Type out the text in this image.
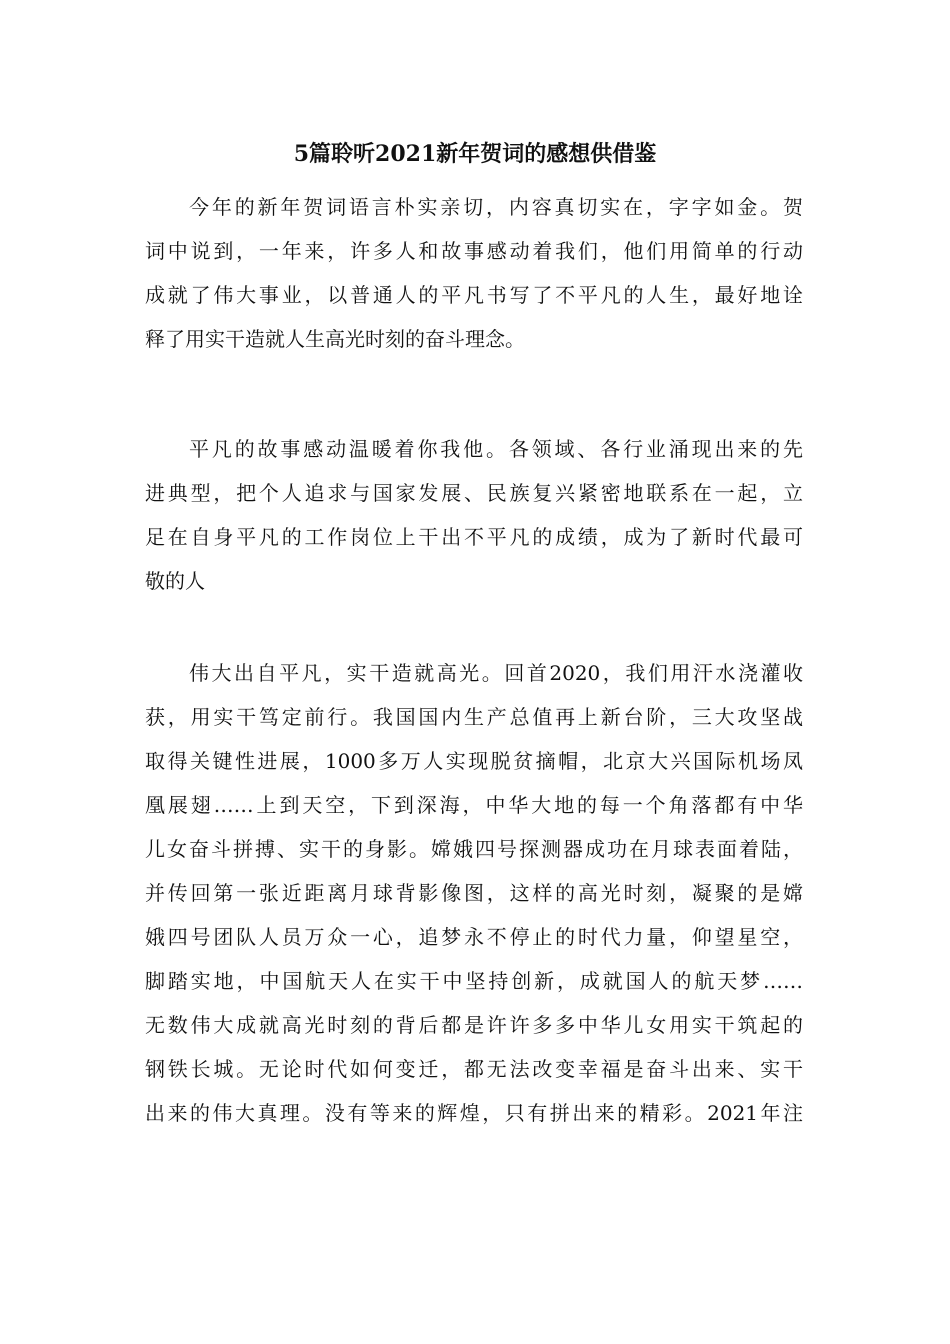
5篇聆听2021新年贺词的感想供借鉴
今年的新年贺词语言朴实亲切，内容真切实在，字字如金。贺
词中说到，一年来，许多人和故事感动着我们，他们用简单的行动
成就了伟大事业，以普通人的平凡书写了不平凡的人生，最好地诠
释了用实干造就人生高光时刻的奋斗理念。
平凡的故事感动温暖着你我他。各领域、各行业涌现出来的先
进典型，把个人追求与国家发展、民族复兴紧密地联系在一起，立
足在自身平凡的工作岗位上干出不平凡的成绩，成为了新时代最可
敬的人
伟大出自平凡，实干造就高光。回首2020，我们用汗水浇灌收
获，用实干笃定前行。我国国内生产总值再上新台阶，三大攻坚战
取得关键性进展，1000多万人实现脱贫摘帽，北京大兴国际机场凤
凰展翅……上到天空，下到深海，中华大地的每一个角落都有中华
儿女奋斗拼搏、实干的身影。嫦娥四号探测器成功在月球表面着陆，
并传回第一张近距离月球背影像图，这样的高光时刻，凝聚的是嫦
娥四号团队人员万众一心，追梦永不停止的时代力量，仰望星空，
脚踏实地，中国航天人在实干中坚持创新，成就国人的航天梦……
无数伟大成就高光时刻的背后都是许许多多中华儿女用实干筑起的
钢铁长城。无论时代如何变迁，都无法改变幸福是奋斗出来、实干
出来的伟大真理。没有等来的辉煌，只有拼出来的精彩。2021年注
